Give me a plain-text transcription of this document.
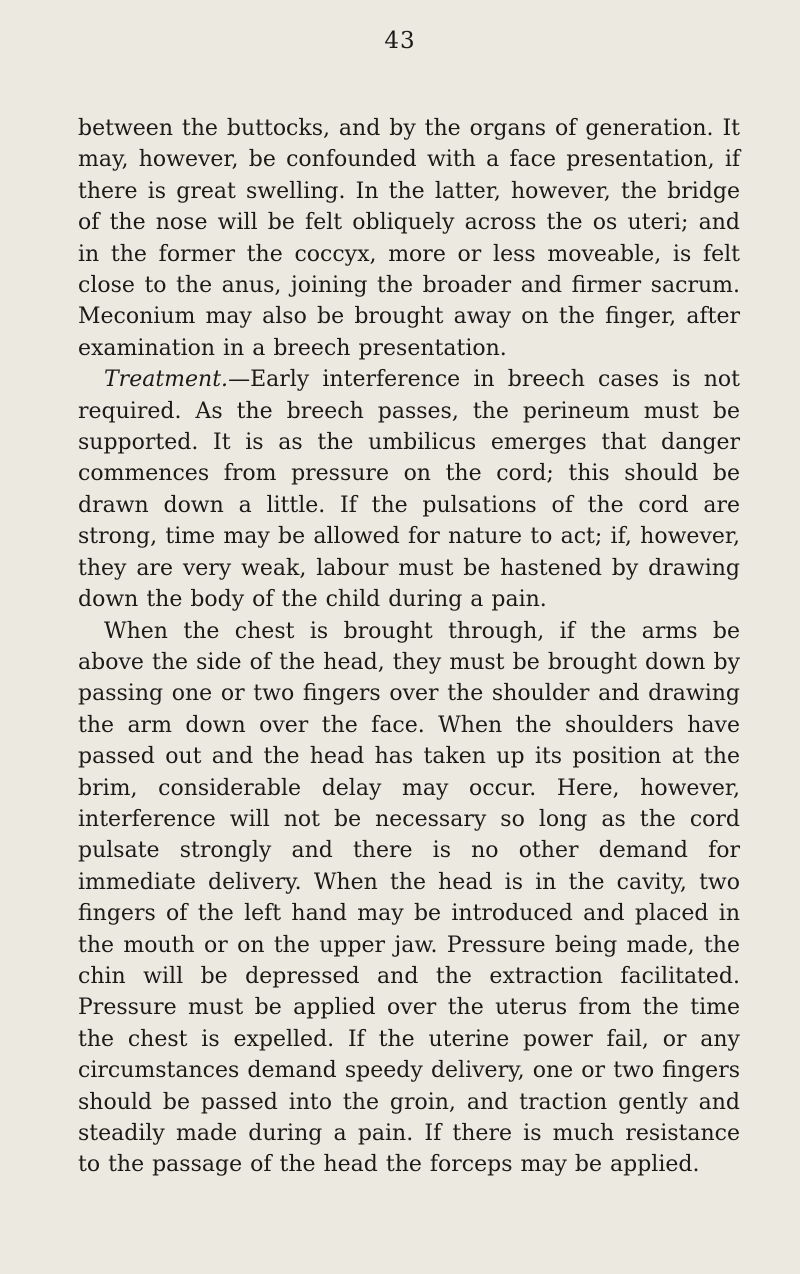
43

between the buttocks, and by the organs of generation. It may, however, be confounded with a face presentation, if there is great swelling. In the latter, however, the bridge of the nose will be felt obliquely across the os uteri; and in the former the coccyx, more or less moveable, is felt close to the anus, joining the broader and firmer sacrum. Meconium may also be brought away on the finger, after examination in a breech presentation.

Treatment.—Early interference in breech cases is not required. As the breech passes, the perineum must be supported. It is as the umbilicus emerges that danger commences from pressure on the cord; this should be drawn down a little. If the pulsations of the cord are strong, time may be allowed for nature to act; if, however, they are very weak, labour must be hastened by drawing down the body of the child during a pain.

When the chest is brought through, if the arms be above the side of the head, they must be brought down by passing one or two fingers over the shoulder and drawing the arm down over the face. When the shoulders have passed out and the head has taken up its position at the brim, considerable delay may occur. Here, however, interference will not be necessary so long as the cord pulsate strongly and there is no other demand for immediate delivery. When the head is in the cavity, two fingers of the left hand may be introduced and placed in the mouth or on the upper jaw. Pressure being made, the chin will be depressed and the extraction facilitated. Pressure must be applied over the uterus from the time the chest is expelled. If the uterine power fail, or any circumstances demand speedy delivery, one or two fingers should be passed into the groin, and traction gently and steadily made during a pain. If there is much resistance to the passage of the head the forceps may be applied.
